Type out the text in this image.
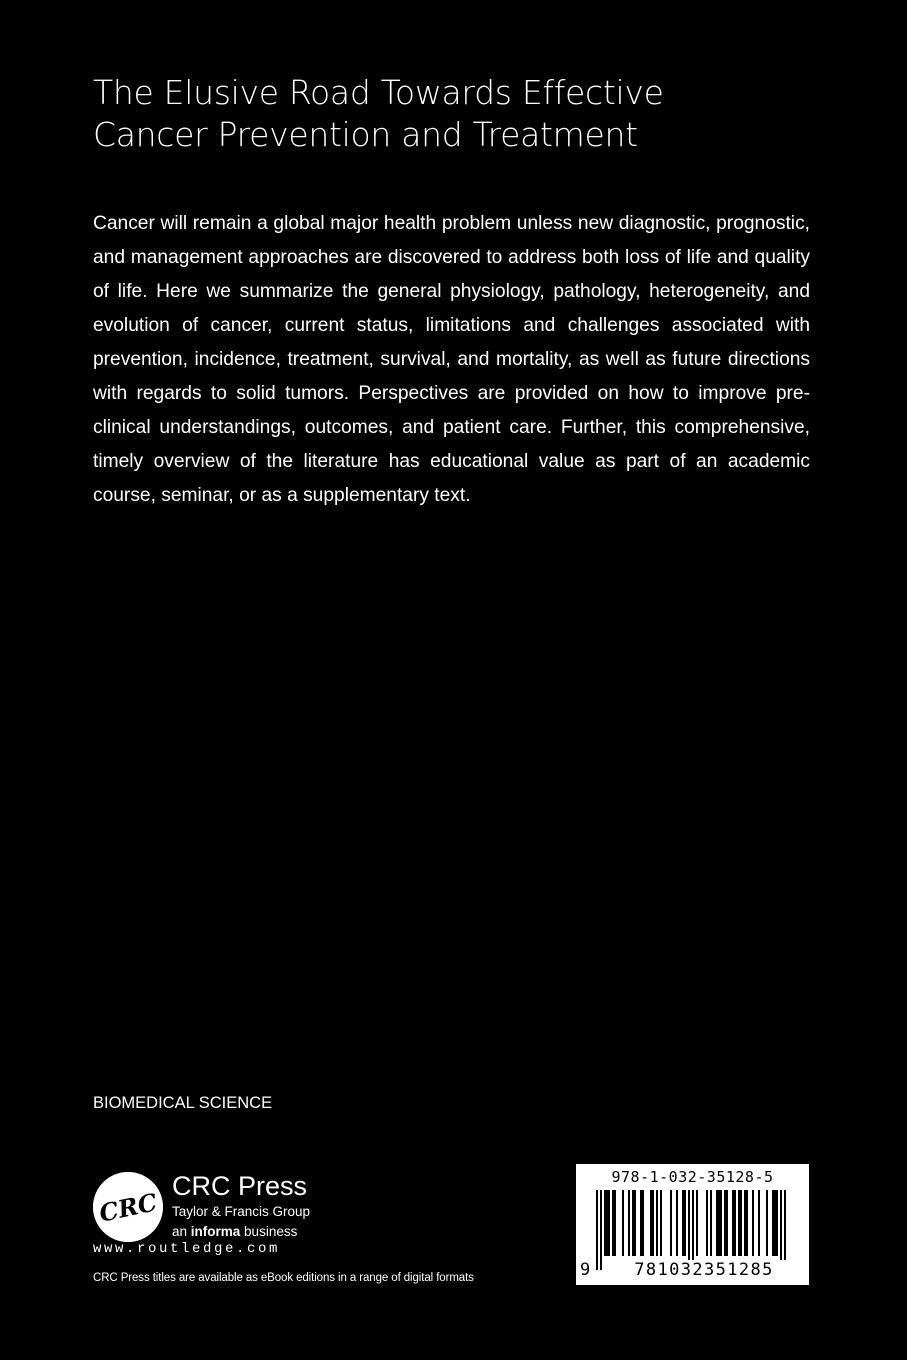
The Elusive Road Towards Effective
Cancer Prevention and Treatment

Cancer will remain a global major health problem unless new diagnostic, prognostic, and management approaches are discovered to address both loss of life and quality of life. Here we summarize the general physiology, pathology, heterogeneity, and evolution of cancer, current status, limitations and challenges associated with prevention, incidence, treatment, survival, and mortality, as well as future directions with regards to solid tumors. Perspectives are provided on how to improve pre-clinical understandings, outcomes, and patient care. Further, this comprehensive, timely overview of the literature has educational value as part of an academic course, seminar, or as a supplementary text.

BIOMEDICAL SCIENCE
CRC
CRC Press
Taylor & Francis Group
an informa business
www.routledge.com
CRC Press titles are available as eBook editions in a range of digital formats
978-1-032-35128-5
9	781032351285
